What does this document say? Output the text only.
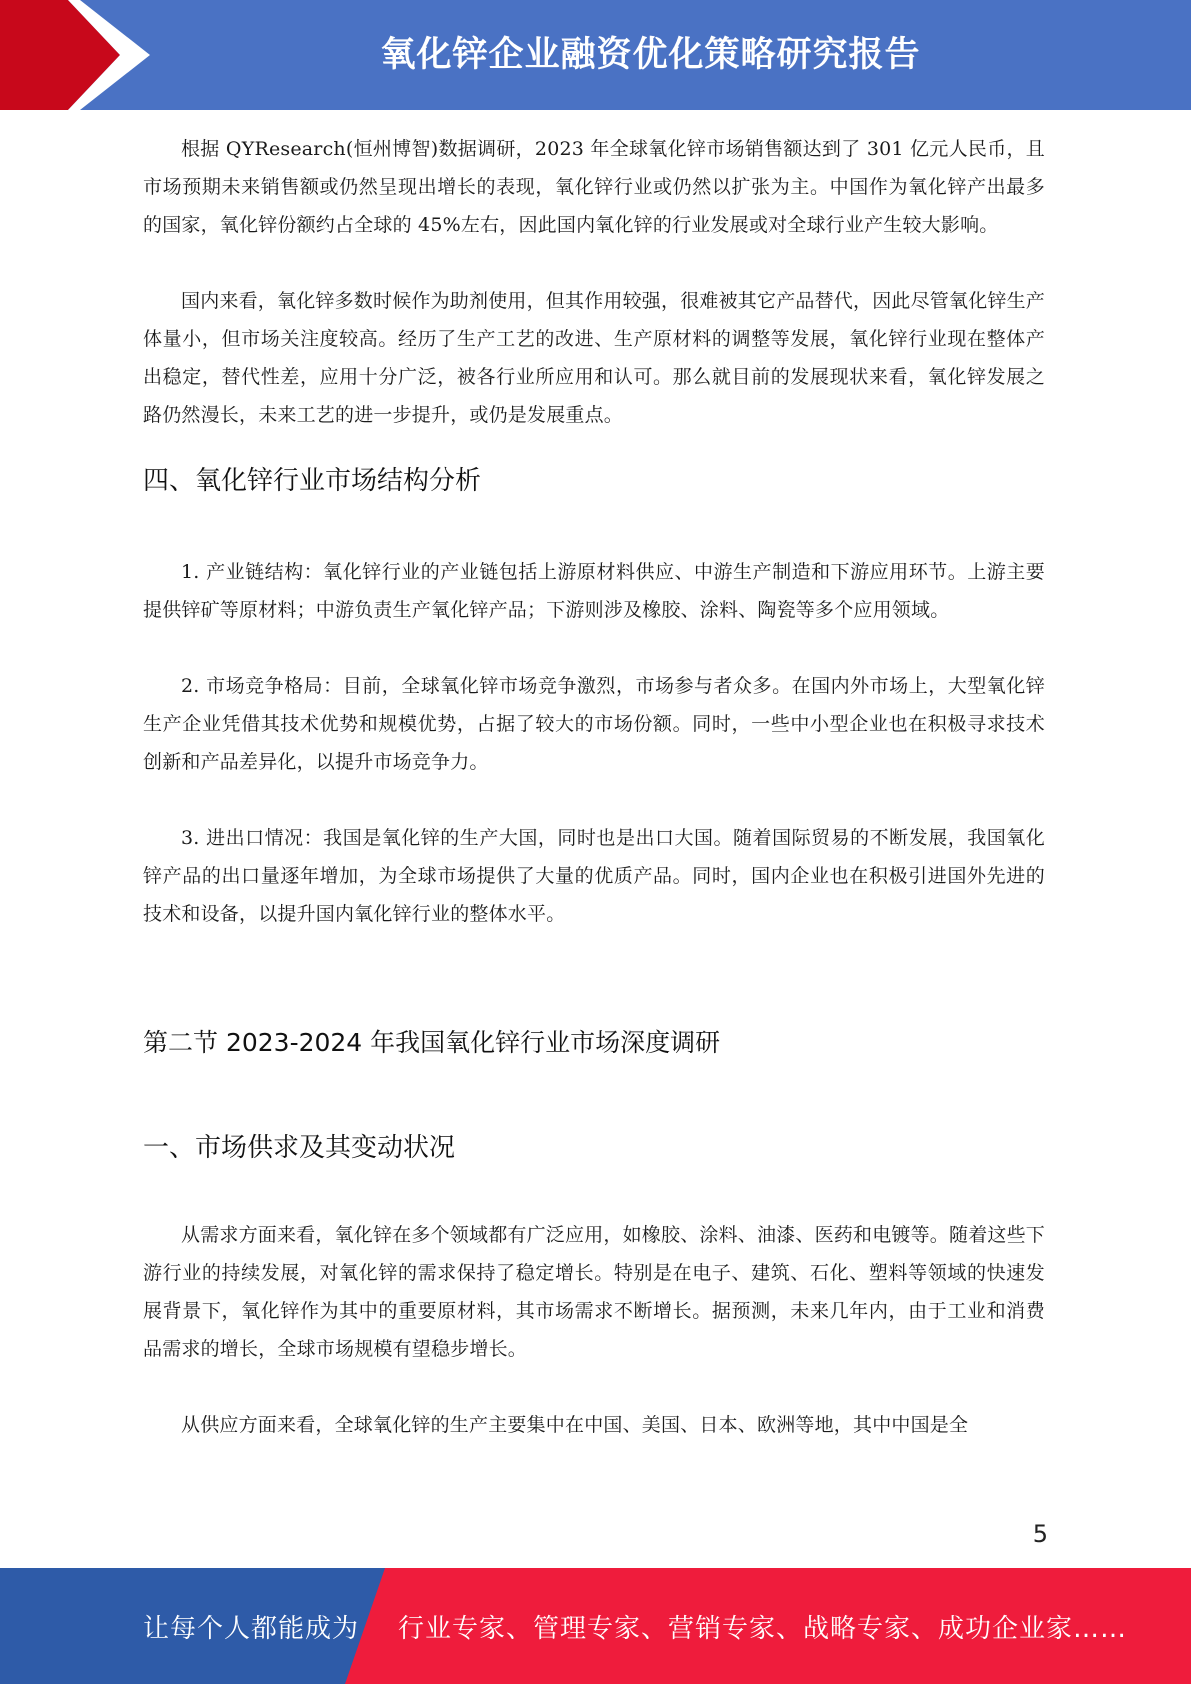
氧化锌企业融资优化策略研究报告

根据 QYResearch(恒州博智)数据调研，2023 年全球氧化锌市场销售额达到了 301 亿元人民币，且市场预期未来销售额或仍然呈现出增长的表现，氧化锌行业或仍然以扩张为主。中国作为氧化锌产出最多的国家，氧化锌份额约占全球的 45%左右，因此国内氧化锌的行业发展或对全球行业产生较大影响。

国内来看，氧化锌多数时候作为助剂使用，但其作用较强，很难被其它产品替代，因此尽管氧化锌生产体量小，但市场关注度较高。经历了生产工艺的改进、生产原材料的调整等发展，氧化锌行业现在整体产出稳定，替代性差，应用十分广泛，被各行业所应用和认可。那么就目前的发展现状来看，氧化锌发展之路仍然漫长，未来工艺的进一步提升，或仍是发展重点。

四、氧化锌行业市场结构分析

1. 产业链结构：氧化锌行业的产业链包括上游原材料供应、中游生产制造和下游应用环节。上游主要提供锌矿等原材料；中游负责生产氧化锌产品；下游则涉及橡胶、涂料、陶瓷等多个应用领域。

2. 市场竞争格局：目前，全球氧化锌市场竞争激烈，市场参与者众多。在国内外市场上，大型氧化锌生产企业凭借其技术优势和规模优势，占据了较大的市场份额。同时，一些中小型企业也在积极寻求技术创新和产品差异化，以提升市场竞争力。

3. 进出口情况：我国是氧化锌的生产大国，同时也是出口大国。随着国际贸易的不断发展，我国氧化锌产品的出口量逐年增加，为全球市场提供了大量的优质产品。同时，国内企业也在积极引进国外先进的技术和设备，以提升国内氧化锌行业的整体水平。

第二节 2023-2024 年我国氧化锌行业市场深度调研
一、市场供求及其变动状况

从需求方面来看，氧化锌在多个领域都有广泛应用，如橡胶、涂料、油漆、医药和电镀等。随着这些下游行业的持续发展，对氧化锌的需求保持了稳定增长。特别是在电子、建筑、石化、塑料等领域的快速发展背景下，氧化锌作为其中的重要原材料，其市场需求不断增长。据预测，未来几年内，由于工业和消费品需求的增长，全球市场规模有望稳步增长。

从供应方面来看，全球氧化锌的生产主要集中在中国、美国、日本、欧洲等地，其中中国是全

5
让每个人都能成为 行业专家、管理专家、营销专家、战略专家、成功企业家……
